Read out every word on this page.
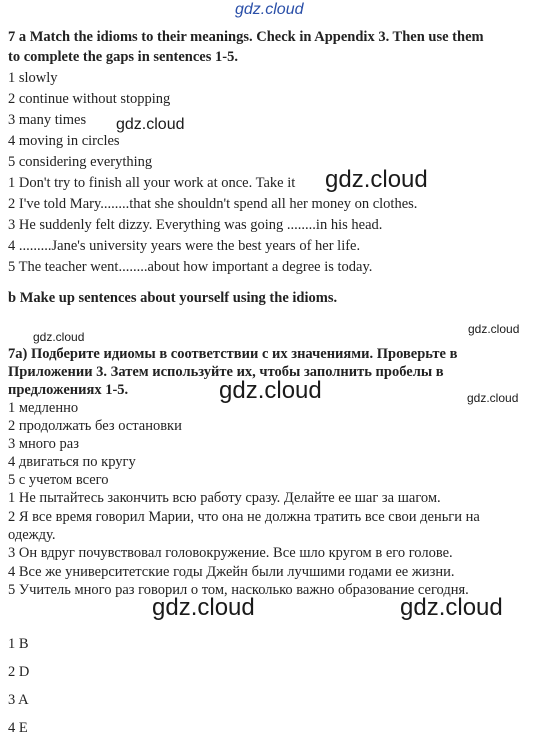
7 a Match the idioms to their meanings. Check in Appendix 3. Then use them
to complete the gaps in sentences 1-5.
1 slowly
2 continue without stopping
3 many times
4 moving in circles
5 considering everything
1 Don't try to finish all your work at once. Take it
2 I've told Mary........that she shouldn't spend all her money on clothes.
3 He suddenly felt dizzy. Everything was going ........in his head.
4 .........Jane's university years were the best years of her life.
5 The teacher went........about how important a degree is today.
b Make up sentences about yourself using the idioms.
7а) Подберите идиомы в соответствии с их значениями. Проверьте в
Приложении 3. Затем используйте их, чтобы заполнить пробелы в
предложениях 1-5.
1 медленно
2 продолжать без остановки
3 много раз
4 двигаться по кругу
5 с учетом всего
1 Не пытайтесь закончить всю работу сразу. Делайте ее шаг за шагом.
2 Я все время говорил Марии, что она не должна тратить все свои деньги на
одежду.
3 Он вдруг почувствовал головокружение. Все шло кругом в его голове.
4 Все же университетские годы Джейн были лучшими годами ее жизни.
5 Учитель много раз говорил о том, насколько важно образование сегодня.
1 B
2 D
3 A
4 E
gdz.cloud
gdz.cloud
gdz.cloud
gdz.cloud
gdz.cloud
gdz.cloud	gdz.cloud
gdz.cloud	gdz.cloud
